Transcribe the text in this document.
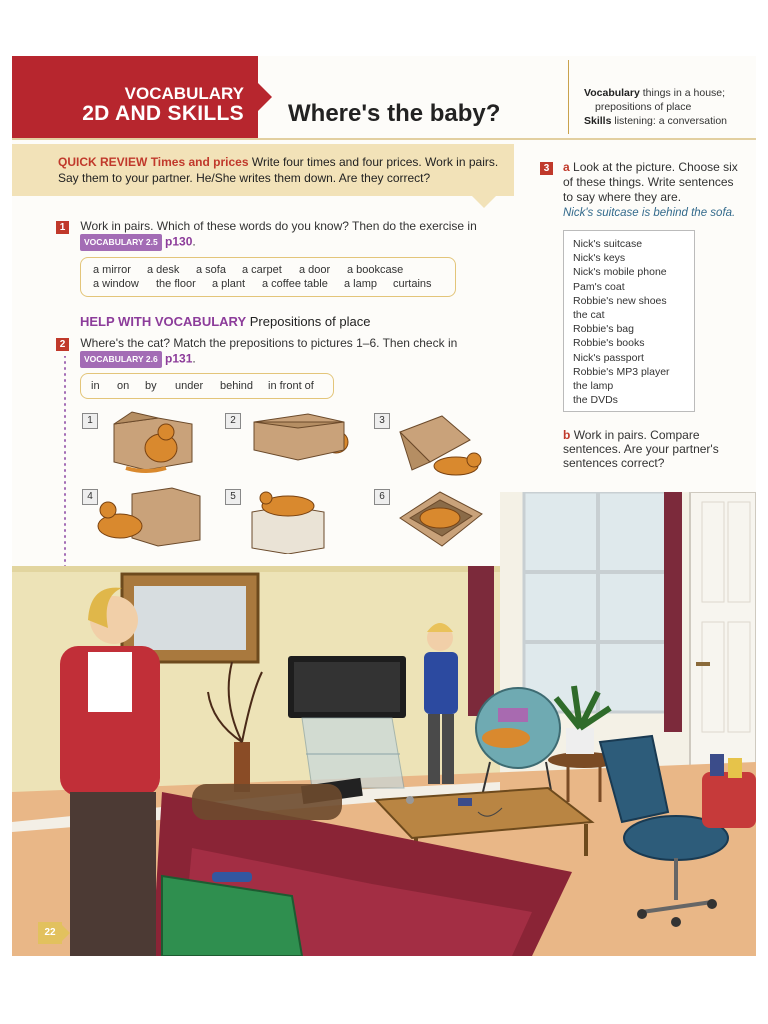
VOCABULARY
2D AND SKILLS Where's the baby?
Vocabulary things in a house;
prepositions of place
Skills listening: a conversation
QUICK REVIEW Times and prices Write four times and four prices. Work in pairs. Say them to your partner. He/She writes them down. Are they correct?
1 Work in pairs. Which of these words do you know? Then do the exercise in
VOCABULARY 2.5 p130.
a mirror a desk a sofa a carpet a door a bookcase
a window the floor a plant a coffee table a lamp curtains
HELP WITH VOCABULARY Prepositions of place
2 Where's the cat? Match the prepositions to pictures 1–6. Then check in
VOCABULARY 2.6 p131.
in on by under behind in front of
1	2	3
4	5	6
3	a Look at the picture. Choose six of these things. Write sentences to say where they are.
Nick's suitcase is behind the sofa.
Nick's suitcase
Nick's keys
Nick's mobile phone
Pam's coat
Robbie's new shoes
the cat
Robbie's bag
Robbie's books
Nick's passport
Robbie's MP3 player
the lamp
the DVDs
b Work in pairs. Compare sentences. Are your partner's sentences correct?
22
